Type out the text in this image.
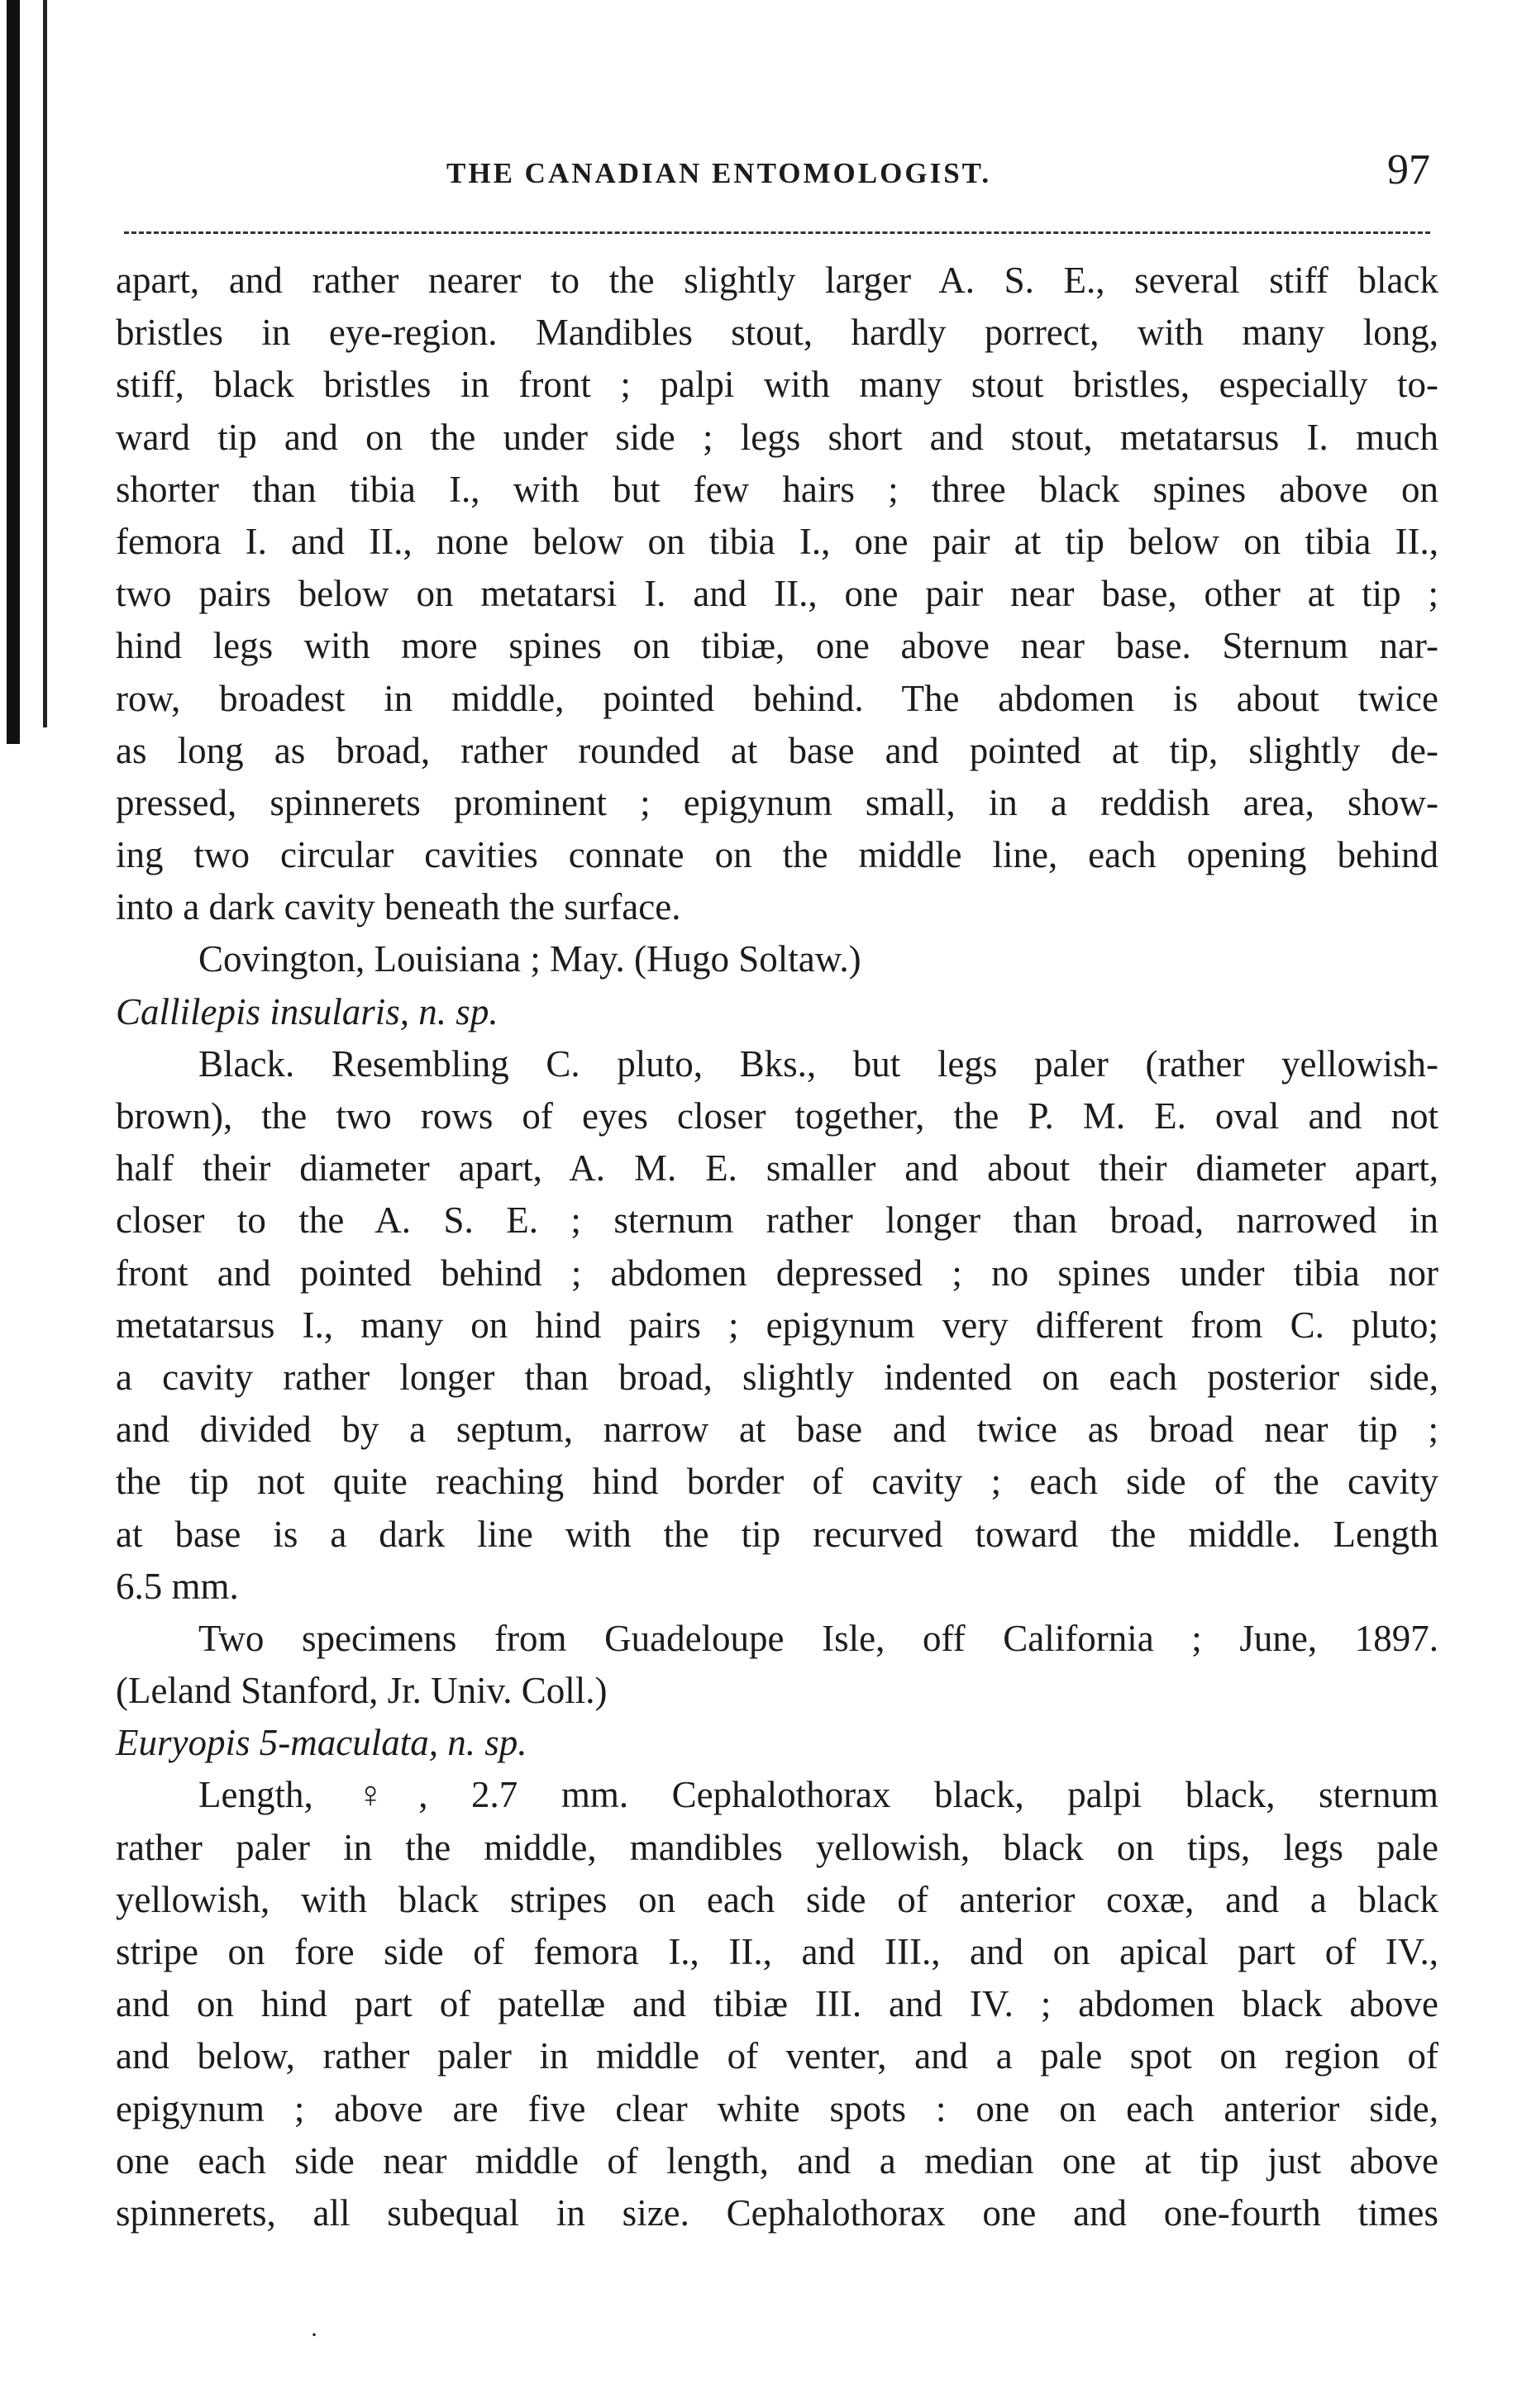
THE CANADIAN ENTOMOLOGIST.	97
apart, and rather nearer to the slightly larger A. S. E., several stiff black
bristles in eye-region. Mandibles stout, hardly porrect, with many long,
stiff, black bristles in front ; palpi with many stout bristles, especially to-
ward tip and on the under side ; legs short and stout, metatarsus I. much
shorter than tibia I., with but few hairs ; three black spines above on
femora I. and II., none below on tibia I., one pair at tip below on tibia II.,
two pairs below on metatarsi I. and II., one pair near base, other at tip ;
hind legs with more spines on tibiæ, one above near base. Sternum nar-
row, broadest in middle, pointed behind. The abdomen is about twice
as long as broad, rather rounded at base and pointed at tip, slightly de-
pressed, spinnerets prominent ; epigynum small, in a reddish area, show-
ing two circular cavities connate on the middle line, each opening behind
into a dark cavity beneath the surface.
Covington, Louisiana ; May. (Hugo Soltaw.)
Callilepis insularis, n. sp.
Black. Resembling C. pluto, Bks., but legs paler (rather yellowish-
brown), the two rows of eyes closer together, the P. M. E. oval and not
half their diameter apart, A. M. E. smaller and about their diameter apart,
closer to the A. S. E. ; sternum rather longer than broad, narrowed in
front and pointed behind ; abdomen depressed ; no spines under tibia nor
metatarsus I., many on hind pairs ; epigynum very different from C. pluto;
a cavity rather longer than broad, slightly indented on each posterior side,
and divided by a septum, narrow at base and twice as broad near tip ;
the tip not quite reaching hind border of cavity ; each side of the cavity
at base is a dark line with the tip recurved toward the middle. Length
6.5 mm.
Two specimens from Guadeloupe Isle, off California ; June, 1897.
(Leland Stanford, Jr. Univ. Coll.)
Euryopis 5-maculata, n. sp.
Length, ♀, 2.7 mm. Cephalothorax black, palpi black, sternum
rather paler in the middle, mandibles yellowish, black on tips, legs pale
yellowish, with black stripes on each side of anterior coxæ, and a black
stripe on fore side of femora I., II., and III., and on apical part of IV.,
and on hind part of patellæ and tibiæ III. and IV. ; abdomen black above
and below, rather paler in middle of venter, and a pale spot on region of
epigynum ; above are five clear white spots : one on each anterior side,
one each side near middle of length, and a median one at tip just above
spinnerets, all subequal in size. Cephalothorax one and one-fourth times
·
